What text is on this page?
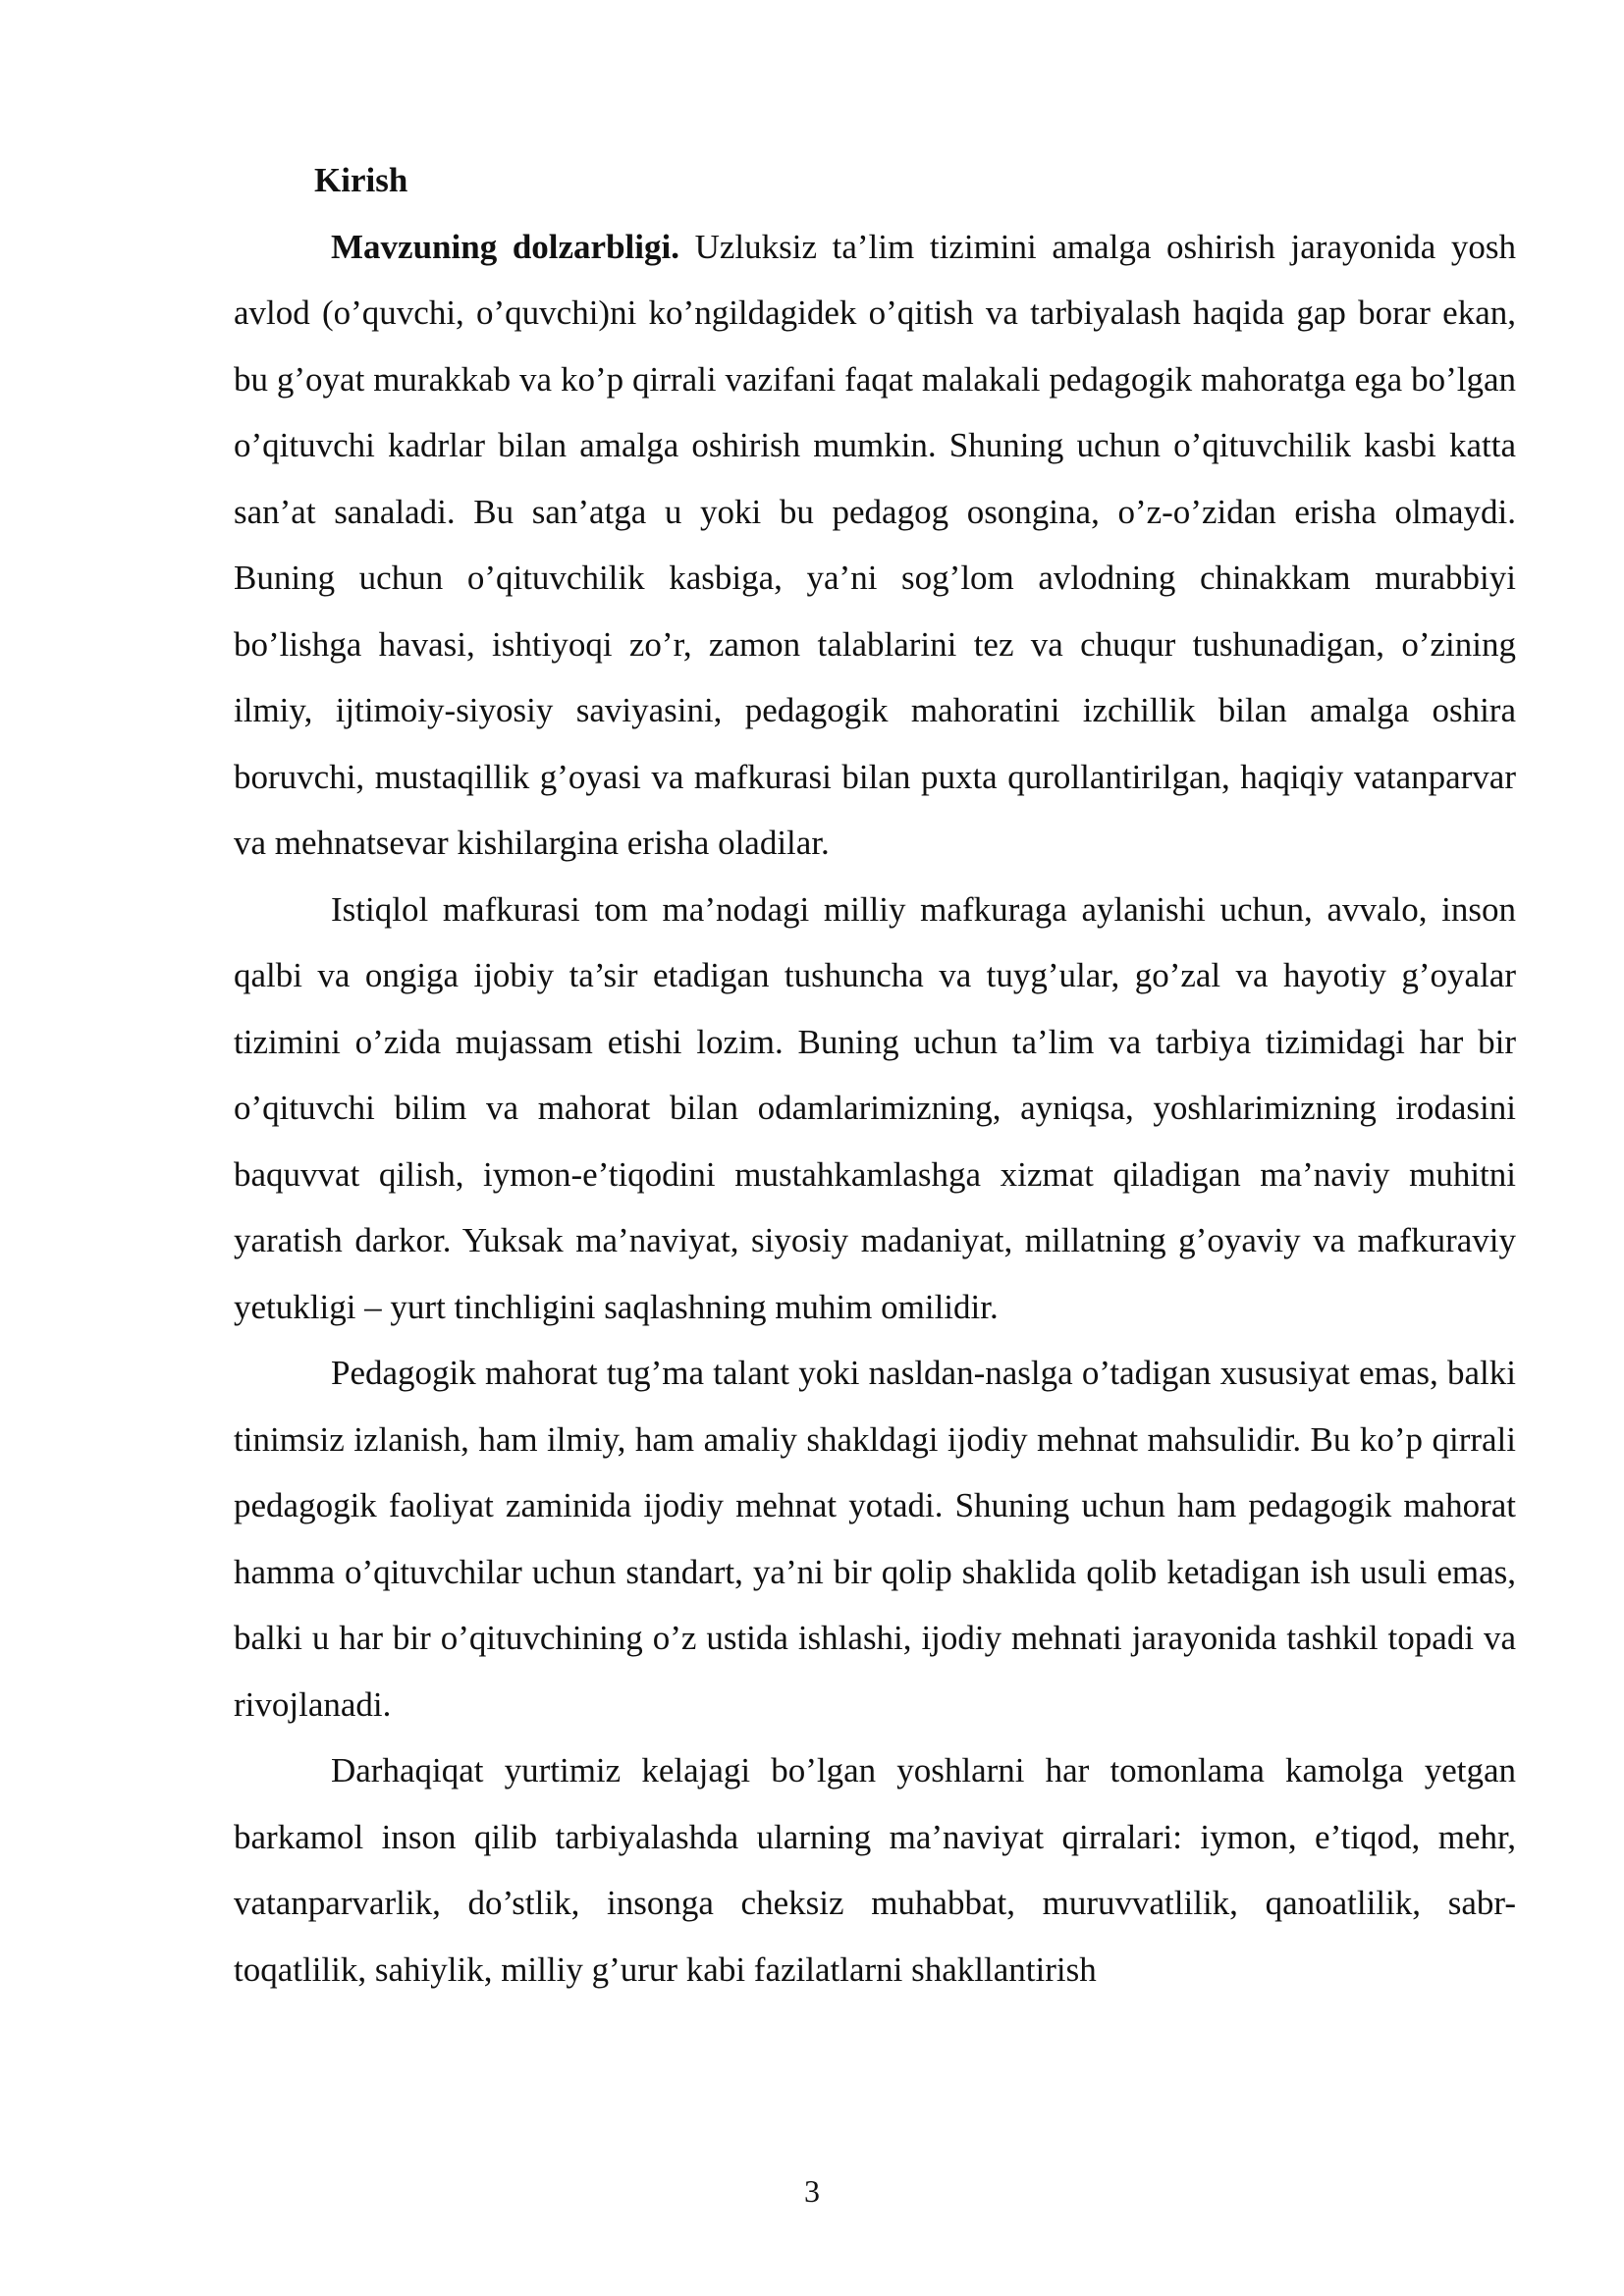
Kirish

Mavzuning dolzarbligi. Uzluksiz ta’lim tizimini amalga oshirish jarayonida yosh avlod (o’quvchi, o’quvchi)ni ko’ngildagidek o’qitish va tarbiyalash haqida gap borar ekan, bu g’oyat murakkab va ko’p qirrali vazifani faqat malakali pedagogik mahoratga ega bo’lgan o’qituvchi kadrlar bilan amalga oshirish mumkin. Shuning uchun o’qituvchilik kasbi katta san’at sanaladi. Bu san’atga u yoki bu pedagog osongina, o’z-o’zidan erisha olmaydi. Buning uchun o’qituvchilik kasbiga, ya’ni sog’lom avlodning chinakkam murabbiyi bo’lishga havasi, ishtiyoqi zo’r, zamon talablarini tez va chuqur tushunadigan, o’zining ilmiy, ijtimoiy-siyosiy saviyasini, pedagogik mahoratini izchillik bilan amalga oshira boruvchi, mustaqillik g’oyasi va mafkurasi bilan puxta qurollantirilgan, haqiqiy vatanparvar va mehnatsevar kishilargina erisha oladilar.

Istiqlol mafkurasi tom ma’nodagi milliy mafkuraga aylanishi uchun, avvalo, inson qalbi va ongiga ijobiy ta’sir etadigan tushuncha va tuyg’ular, go’zal va hayotiy g’oyalar tizimini o’zida mujassam etishi lozim. Buning uchun ta’lim va tarbiya tizimidagi har bir o’qituvchi bilim va mahorat bilan odamlarimizning, ayniqsa, yoshlarimizning irodasini baquvvat qilish, iymon-e’tiqodini mustahkamlashga xizmat qiladigan ma’naviy muhitni yaratish darkor. Yuksak ma’naviyat, siyosiy madaniyat, millatning g’oyaviy va mafkuraviy yetukligi – yurt tinchligini saqlashning muhim omilidir.

Pedagogik mahorat tug’ma talant yoki nasldan-naslga o’tadigan xususiyat emas, balki tinimsiz izlanish, ham ilmiy, ham amaliy shakldagi ijodiy mehnat mahsulidir. Bu ko’p qirrali pedagogik faoliyat zaminida ijodiy mehnat yotadi. Shuning uchun ham pedagogik mahorat hamma o’qituvchilar uchun standart, ya’ni bir qolip shaklida qolib ketadigan ish usuli emas, balki u har bir o’qituvchining o’z ustida ishlashi, ijodiy mehnati jarayonida tashkil topadi va rivojlanadi.

Darhaqiqat yurtimiz kelajagi bo’lgan yoshlarni har tomonlama kamolga yetgan barkamol inson qilib tarbiyalashda ularning ma’naviyat qirralari: iymon, e’tiqod, mehr, vatanparvarlik, do’stlik, insonga cheksiz muhabbat, muruvvatlilik, qanoatlilik, sabr-toqatlilik, sahiylik, milliy g’urur kabi fazilatlarni shakllantirish

3
